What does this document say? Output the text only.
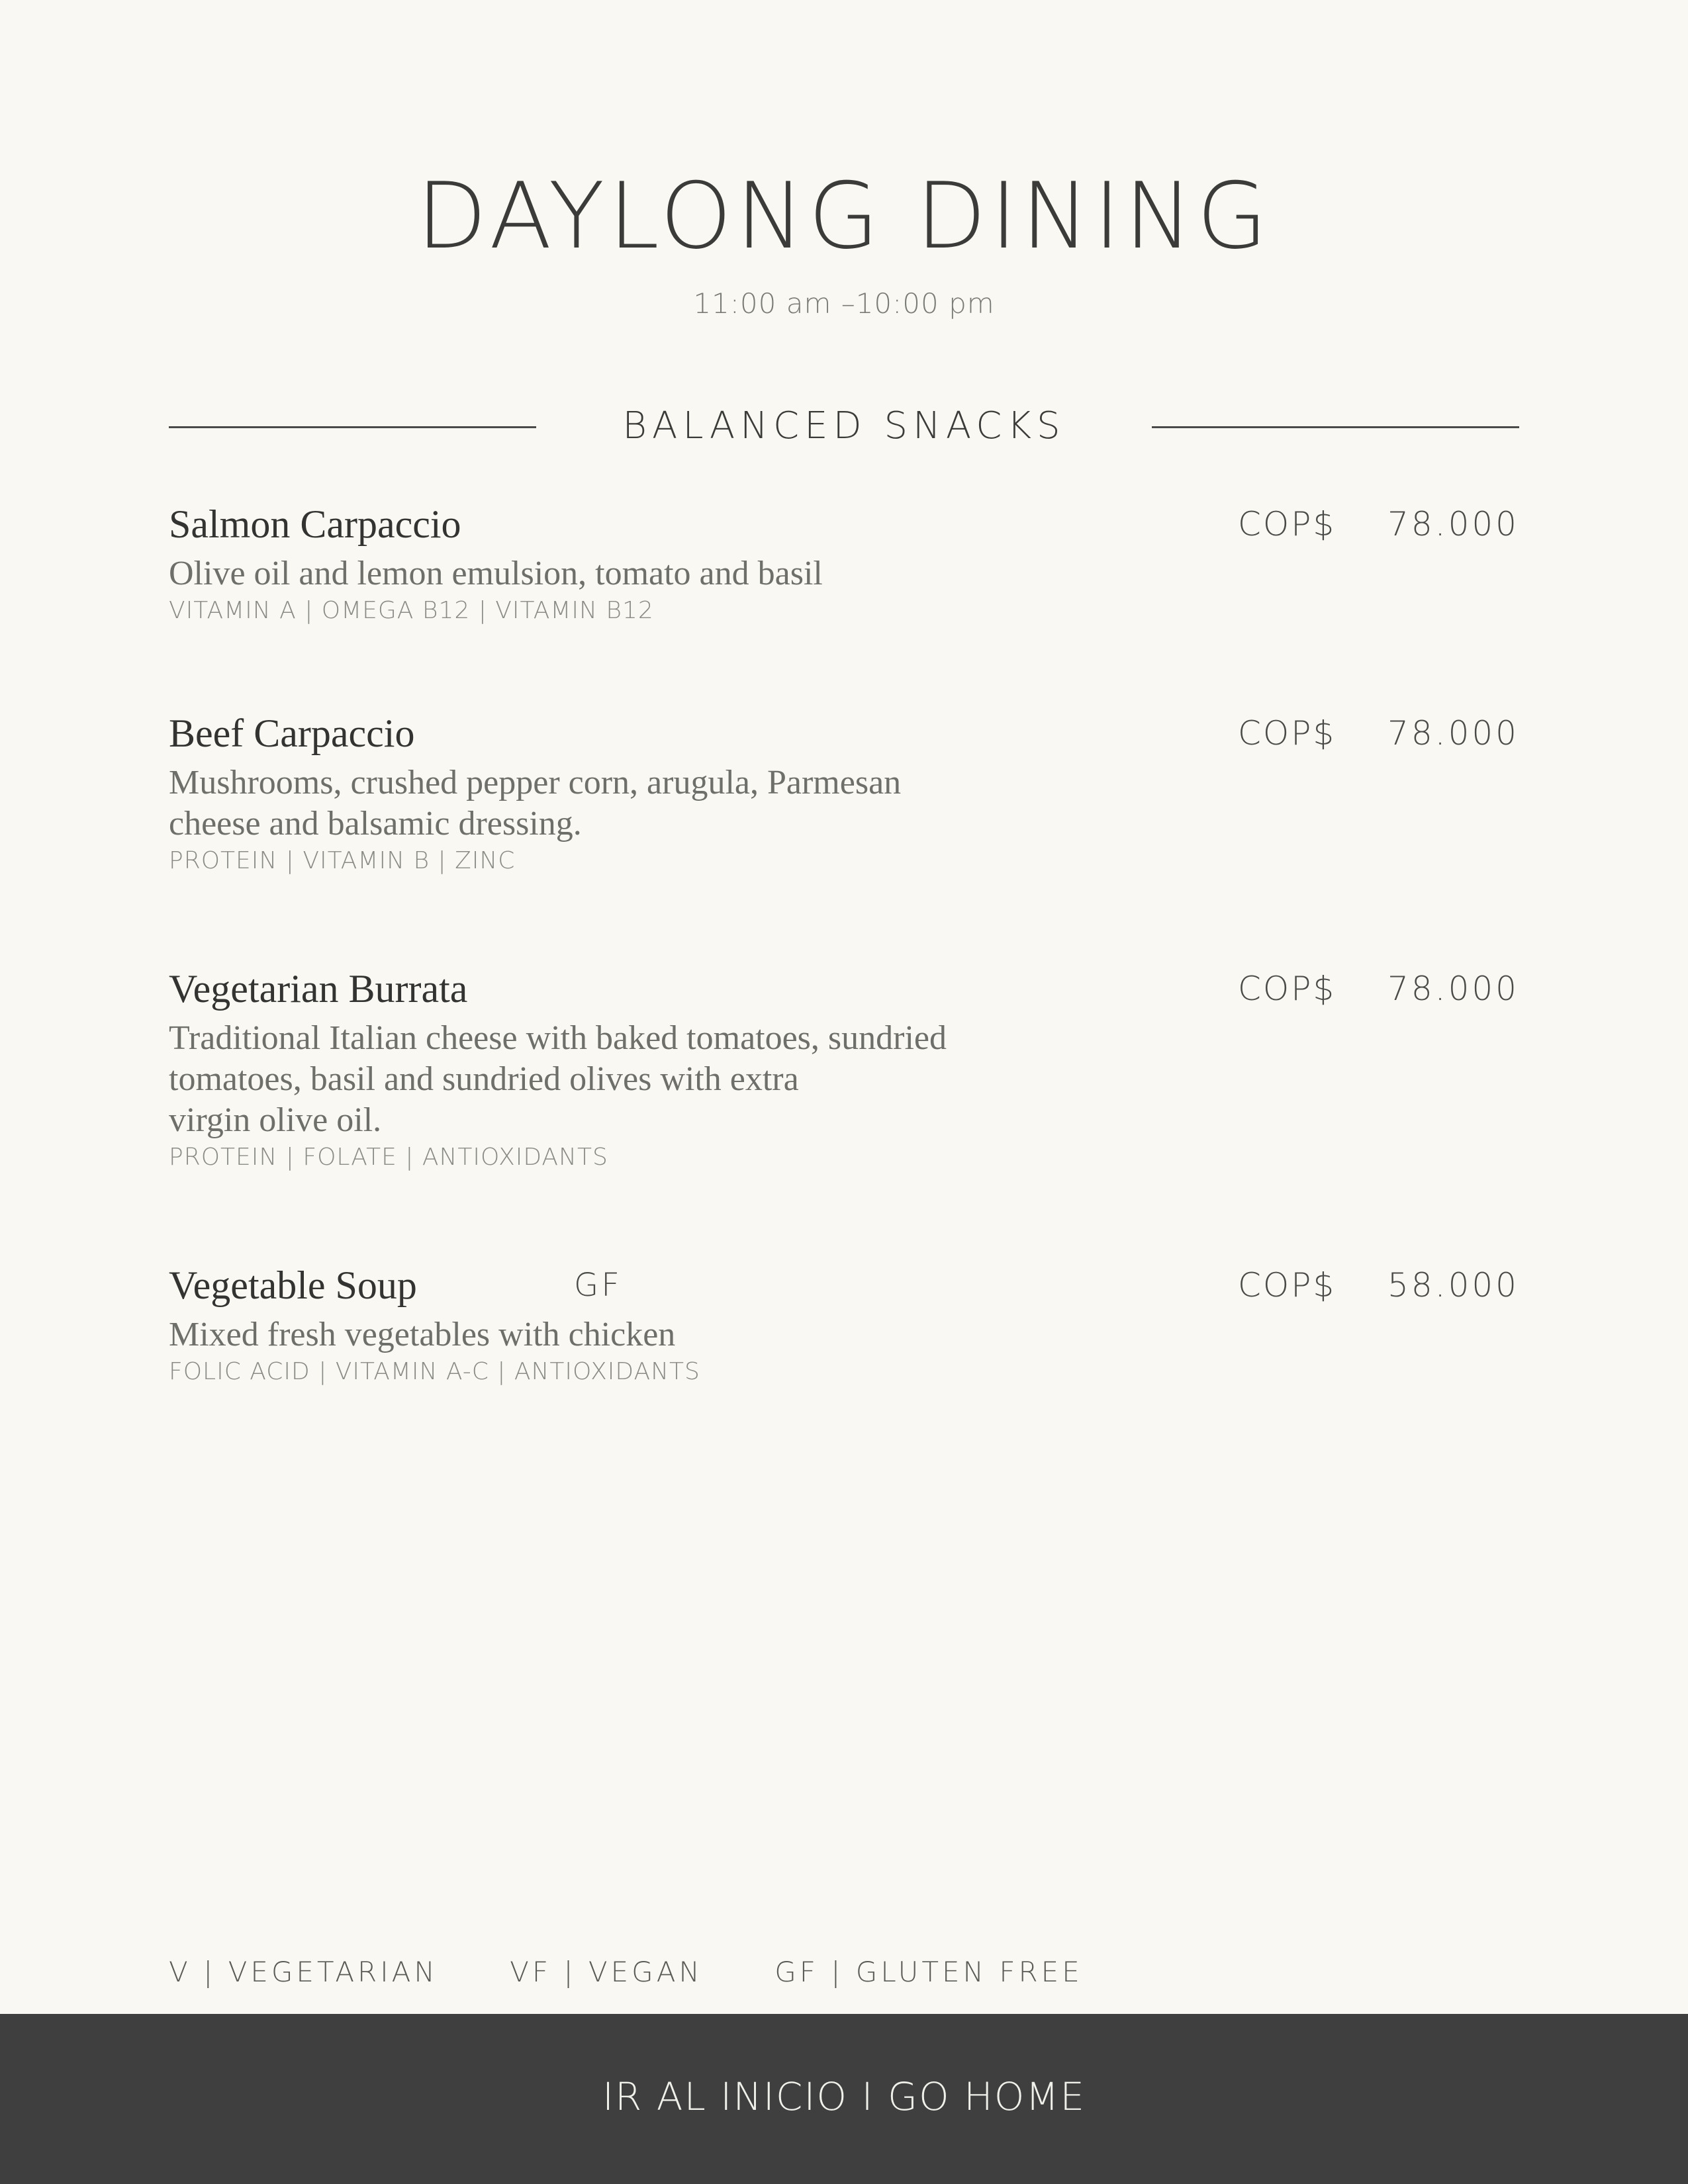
DAYLONG DINING
11:00 am –10:00 pm
BALANCED SNACKS
Salmon Carpaccio	COP$ 78.000
Olive oil and lemon emulsion, tomato and basil
VITAMIN A | OMEGA B12 | VITAMIN B12
Beef Carpaccio	COP$ 78.000
Mushrooms, crushed pepper corn, arugula, Parmesan
cheese and balsamic dressing.
PROTEIN | VITAMIN B | ZINC
Vegetarian Burrata	COP$ 78.000
Traditional Italian cheese with baked tomatoes, sundried
tomatoes, basil and sundried olives with extra
virgin olive oil.
PROTEIN | FOLATE | ANTIOXIDANTS
Vegetable Soup	GF	COP$ 58.000
Mixed fresh vegetables with chicken
FOLIC ACID | VITAMIN A-C | ANTIOXIDANTS
V | VEGETARIAN	VF | VEGAN	GF | GLUTEN FREE
IR AL INICIO I GO HOME
